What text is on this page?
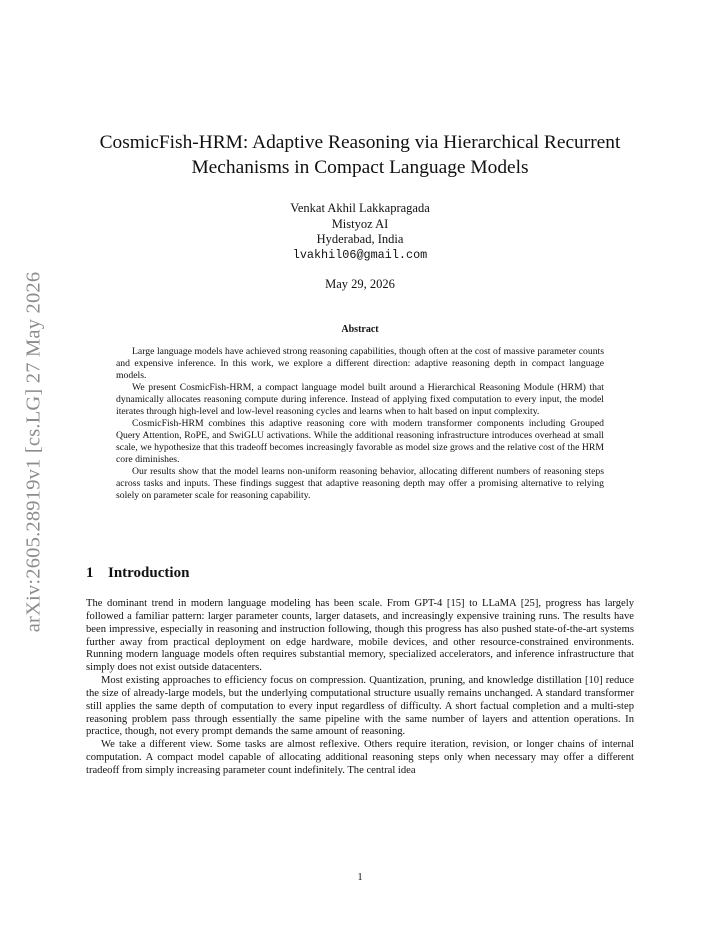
arXiv:2605.28919v1 [cs.LG] 27 May 2026
CosmicFish-HRM: Adaptive Reasoning via Hierarchical Recurrent
Mechanisms in Compact Language Models
Venkat Akhil Lakkapragada
Mistyoz AI
Hyderabad, India
lvakhil06@gmail.com
May 29, 2026
Abstract

Large language models have achieved strong reasoning capabilities, though often at the cost of massive parameter counts and expensive inference. In this work, we explore a different direction: adaptive reasoning depth in compact language models.

We present CosmicFish-HRM, a compact language model built around a Hierarchical Reasoning Module (HRM) that dynamically allocates reasoning compute during inference. Instead of applying fixed computation to every input, the model iterates through high-level and low-level reasoning cycles and learns when to halt based on input complexity.

CosmicFish-HRM combines this adaptive reasoning core with modern transformer components including Grouped Query Attention, RoPE, and SwiGLU activations. While the additional reasoning infrastructure introduces overhead at small scale, we hypothesize that this tradeoff becomes increasingly favorable as model size grows and the relative cost of the HRM core diminishes.

Our results show that the model learns non-uniform reasoning behavior, allocating different numbers of reasoning steps across tasks and inputs. These findings suggest that adaptive reasoning depth may offer a promising alternative to relying solely on parameter scale for reasoning capability.

1 Introduction

The dominant trend in modern language modeling has been scale. From GPT-4 [15] to LLaMA [25], progress has largely followed a familiar pattern: larger parameter counts, larger datasets, and increasingly expensive training runs. The results have been impressive, especially in reasoning and instruction following, though this progress has also pushed state-of-the-art systems further away from practical deployment on edge hardware, mobile devices, and other resource-constrained environments. Running modern language models often requires substantial memory, specialized accelerators, and inference infrastructure that simply does not exist outside datacenters.

Most existing approaches to efficiency focus on compression. Quantization, pruning, and knowledge distillation [10] reduce the size of already-large models, but the underlying computational structure usually remains unchanged. A standard transformer still applies the same depth of computation to every input regardless of difficulty. A short factual completion and a multi-step reasoning problem pass through essentially the same pipeline with the same number of layers and attention operations. In practice, though, not every prompt demands the same amount of reasoning.

We take a different view. Some tasks are almost reflexive. Others require iteration, revision, or longer chains of internal computation. A compact model capable of allocating additional reasoning steps only when necessary may offer a different tradeoff from simply increasing parameter count indefinitely. The central idea

1
